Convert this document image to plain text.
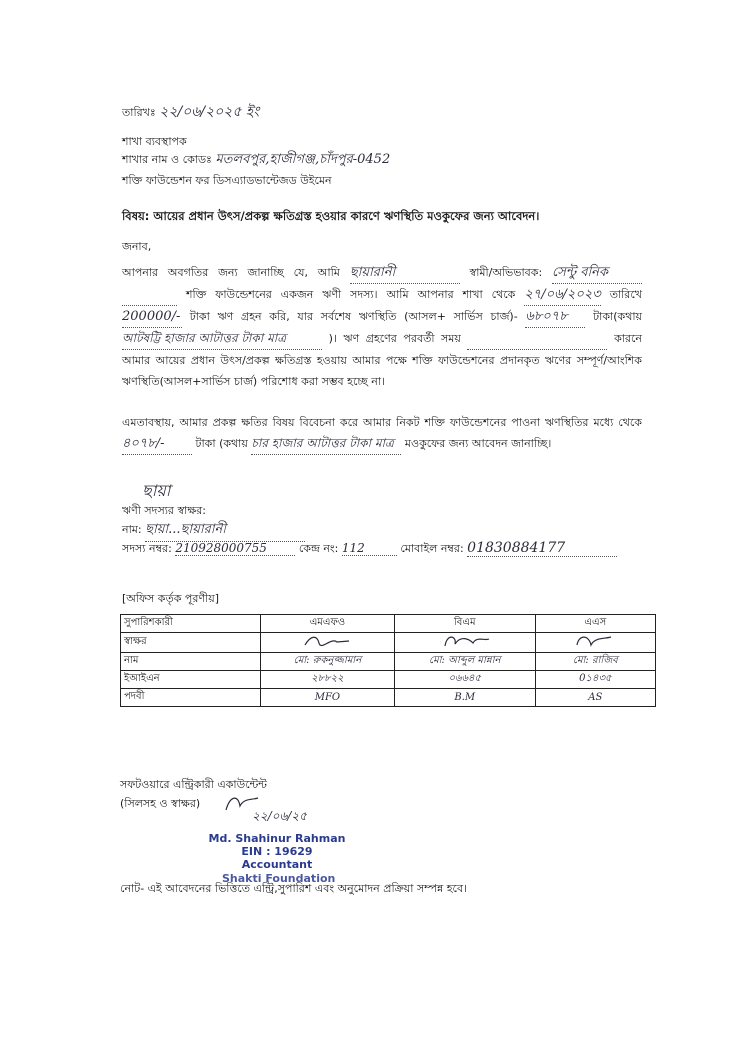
তারিখঃ ২২/০৬/২০২৫ ইং
শাখা ব্যবস্থাপক
শাখার নাম ও কোডঃ মতলবপুর,হাজীগঞ্জ,চাঁদপুর-0452
শক্তি ফাউন্ডেশন ফর ডিসএ্যাডভান্টেজড উইমেন
বিষয়: আয়ের প্রধান উৎস/প্রকল্প ক্ষতিগ্রস্ত হওয়ার কারণে ঋণস্থিতি মওকুফের জন্য আবেদন।
জনাব,
আপনার অবগতির জন্য জানাচ্ছি যে, আমি ছায়ারানী	স্বামী/অভিভাবক: সেন্টু বনিক   শক্তি ফাউন্ডেশনের একজন ঋণী সদস্য। আমি আপনার শাখা থেকে ২৭/০৬/২০২৩ তারিখে 200000/- টাকা ঋণ গ্রহন করি, যার সর্বশেষ ঋণস্থিতি (আসল+ সার্ভিস চার্জ)- ৬৮০৭৮ টাকা(কথায় আটষট্টি হাজার আটাত্তর টাকা মাত্র	)। ঋণ গ্রহণের পরবর্তী সময়	কারনে আমার আয়ের প্রধান উৎস/প্রকল্প ক্ষতিগ্রস্ত হওয়ায় আমার পক্ষে শক্তি ফাউন্ডেশনের প্রদানকৃত ঋণের সম্পূর্ণ/আংশিক ঋণস্থিতি(আসল+সার্ভিস চার্জ) পরিশোধ করা সম্ভব হচ্ছে না।
এমতাবস্থায়, আমার প্রকল্প ক্ষতির বিষয় বিবেচনা করে আমার নিকট শক্তি ফাউন্ডেশনের পাওনা ঋণস্থিতির মধ্যে থেকে ৪০৭৮/-	টাকা (কথায় চার হাজার আটাত্তর টাকা মাত্র মওকুফের জন্য আবেদন জানাচ্ছি।
ছায়া
ঋণী সদস্যর স্বাক্ষর:
নাম: ছায়া...ছায়ারানী
সদস্য নম্বর: 210928000755	কেন্দ্র নং: 112	মোবাইল নম্বর: 01830884177
[অফিস কর্তৃক পূরণীয়]
সুপারিশকারী	এমএফও	বিএম	এএস
স্বাক্ষর			
নাম	মো: রুকনুজ্জামান	মো: আব্দুল মান্নান	মো: রাজিব
ইআইএন	২৮৮২২	০৬৬৪৫	0১৪৩৫
পদবী	MFO	B.M	AS
সফটওয়ারে এন্ট্রিকারী একাউন্টেন্ট
(সিলসহ ও স্বাক্ষর)
২২/০৬/২৫
Md. Shahinur Rahman
EIN : 19629
Accountant
নোট- এই আবেদনের ভিত্তিতে এন্ট্রি,সুপারিশ এবং অনুমোদন প্রক্রিয়া সম্পন্ন হবে।
Shakti Foundation
